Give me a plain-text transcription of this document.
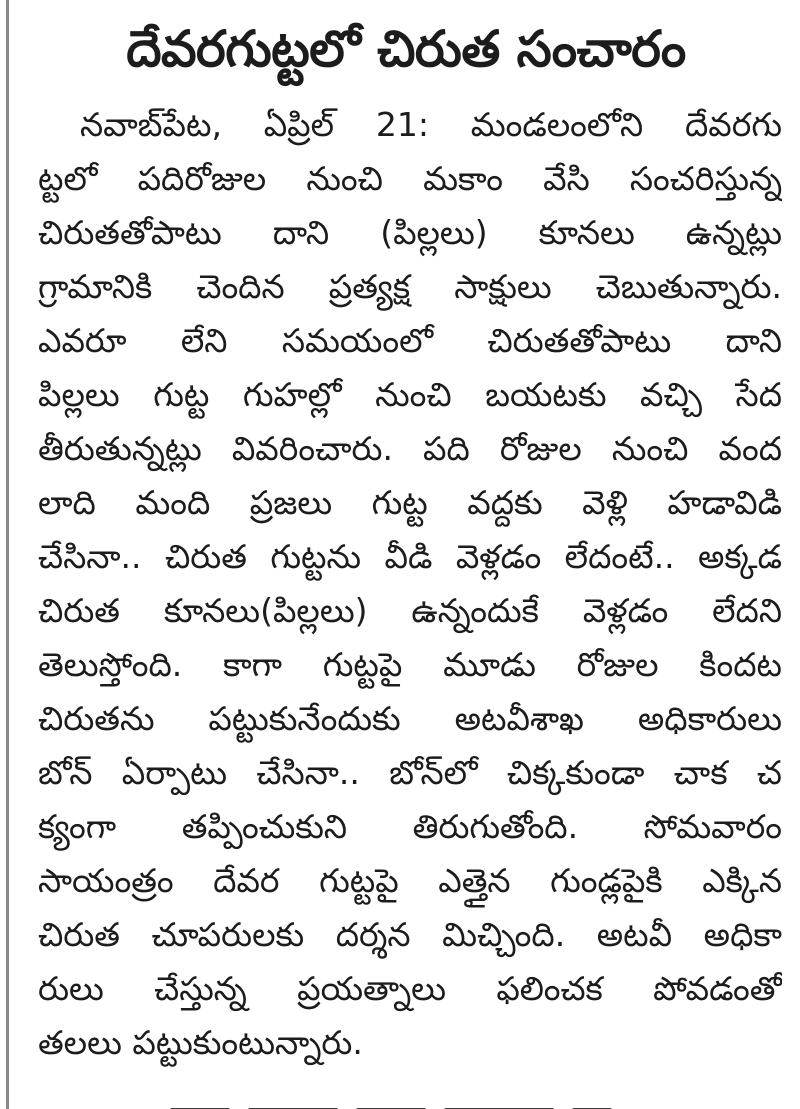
దేవరగుట్టలో చిరుత సంచారం
నవాబ్‌పేట, ఏప్రిల్ 21: మండలంలోని దేవరగు
ట్టలో పదిరోజుల నుంచి మకాం వేసి సంచరిస్తున్న
చిరుతతోపాటు దాని (పిల్లలు) కూనలు ఉన్నట్లు
గ్రామానికి చెందిన ప్రత్యక్ష సాక్షులు చెబుతున్నారు.
ఎవరూ లేని సమయంలో చిరుతతోపాటు దాని
పిల్లలు గుట్ట గుహల్లో నుంచి బయటకు వచ్చి సేద
తీరుతున్నట్లు వివరించారు. పది రోజుల నుంచి వంద
లాది మంది ప్రజలు గుట్ట వద్దకు వెళ్లి హడావిడి
చేసినా.. చిరుత గుట్టను వీడి వెళ్లడం లేదంటే.. అక్కడ
చిరుత కూనలు(పిల్లలు) ఉన్నందుకే వెళ్లడం లేదని
తెలుస్తోంది. కాగా గుట్టపై మూడు రోజుల కిందట
చిరుతను పట్టుకునేందుకు అటవీశాఖ అధికారులు
బోన్ ఏర్పాటు చేసినా.. బోన్‌లో చిక్కకుండా చాక చ
క్యంగా తప్పించుకుని తిరుగుతోంది. సోమవారం
సాయంత్రం దేవర గుట్టపై ఎత్తైన గుండ్లపైకి ఎక్కిన
చిరుత చూపరులకు దర్శన మిచ్చింది. అటవీ అధికా
రులు చేస్తున్న ప్రయత్నాలు ఫలించక పోవడంతో
తలలు పట్టుకుంటున్నారు.
